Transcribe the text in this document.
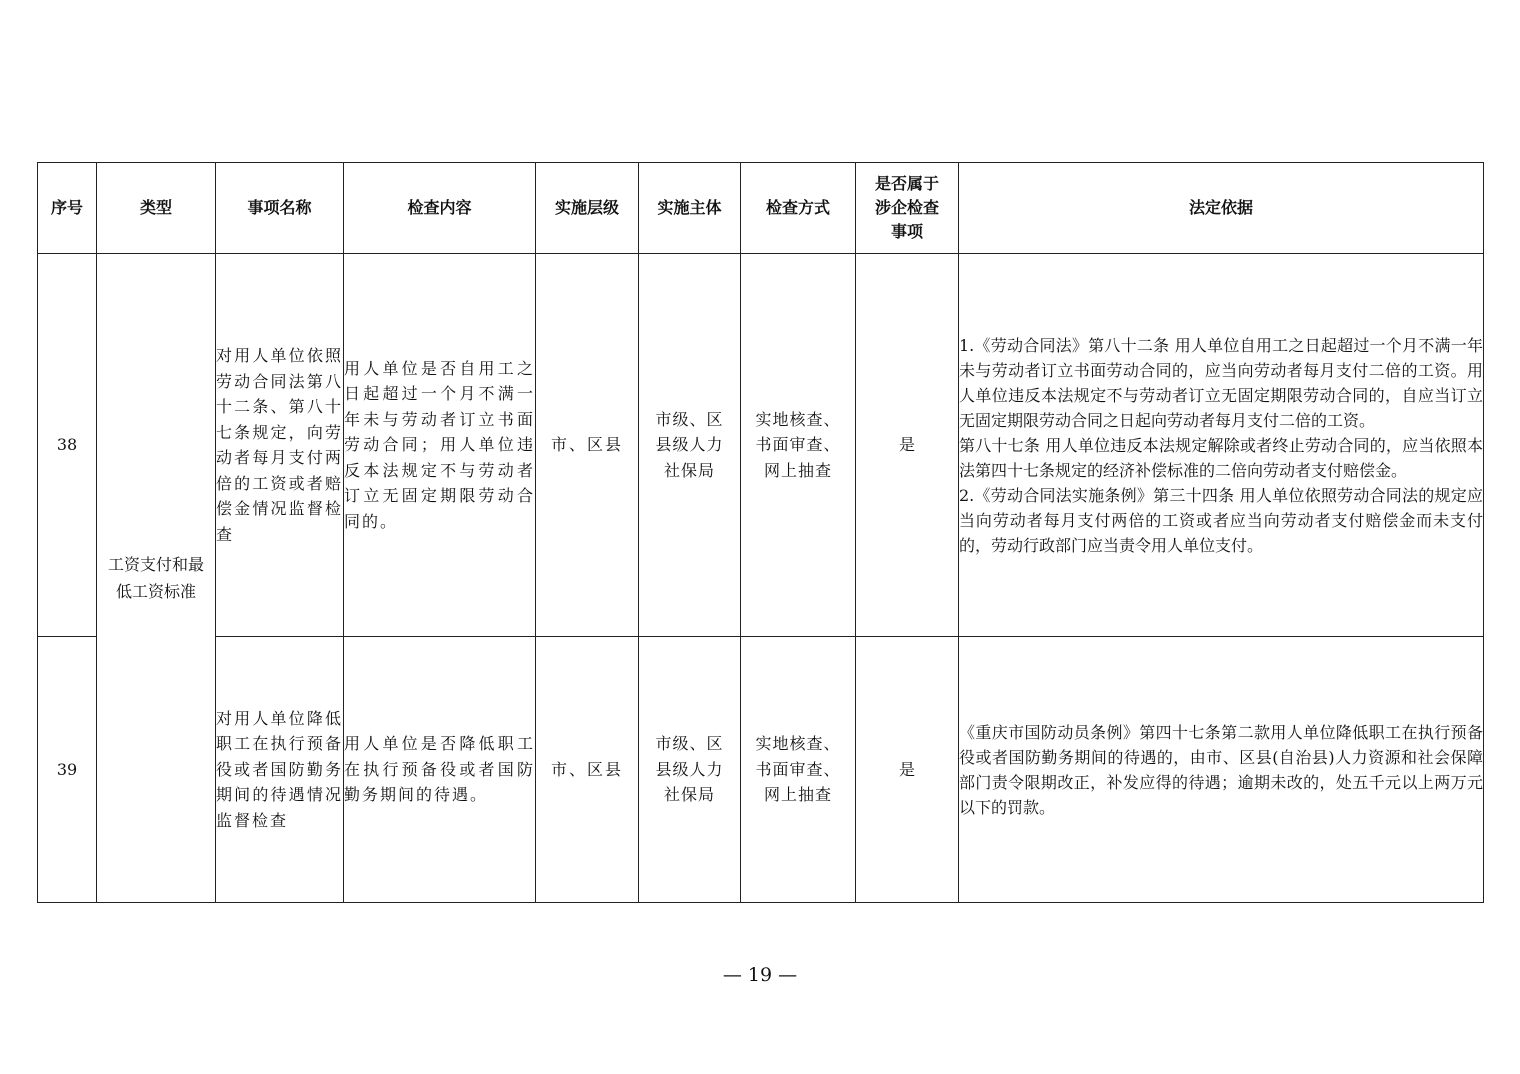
序号	类型	事项名称	检查内容	实施层级	实施主体	检查方式	是否属于涉企检查事项	法定依据
38	工资支付和最低工资标准	对用人单位依照劳动合同法第八十二条、第八十七条规定，向劳动者每月支付两倍的工资或者赔偿金情况监督检查	用人单位是否自用工之日起超过一个月不满一年未与劳动者订立书面劳动合同；用人单位违反本法规定不与劳动者订立无固定期限劳动合同的。	市、区县	市级、区县级人力社保局	实地核查、书面审查、网上抽查	是	1.《劳动合同法》第八十二条 用人单位自用工之日起超过一个月不满一年未与劳动者订立书面劳动合同的，应当向劳动者每月支付二倍的工资。用人单位违反本法规定不与劳动者订立无固定期限劳动合同的，自应当订立无固定期限劳动合同之日起向劳动者每月支付二倍的工资。

第八十七条 用人单位违反本法规定解除或者终止劳动合同的，应当依照本法第四十七条规定的经济补偿标准的二倍向劳动者支付赔偿金。

2.《劳动合同法实施条例》第三十四条 用人单位依照劳动合同法的规定应当向劳动者每月支付两倍的工资或者应当向劳动者支付赔偿金而未支付的，劳动行政部门应当责令用人单位支付。

39		对用人单位降低职工在执行预备役或者国防勤务期间的待遇情况监督检查	用人单位是否降低职工在执行预备役或者国防勤务期间的待遇。	市、区县	市级、区县级人力社保局	实地核查、书面审查、网上抽查	是	《重庆市国防动员条例》第四十七条第二款用人单位降低职工在执行预备役或者国防勤务期间的待遇的，由市、区县(自治县)人力资源和社会保障部门责令限期改正，补发应得的待遇；逾期未改的，处五千元以上两万元以下的罚款。

— 19 —
